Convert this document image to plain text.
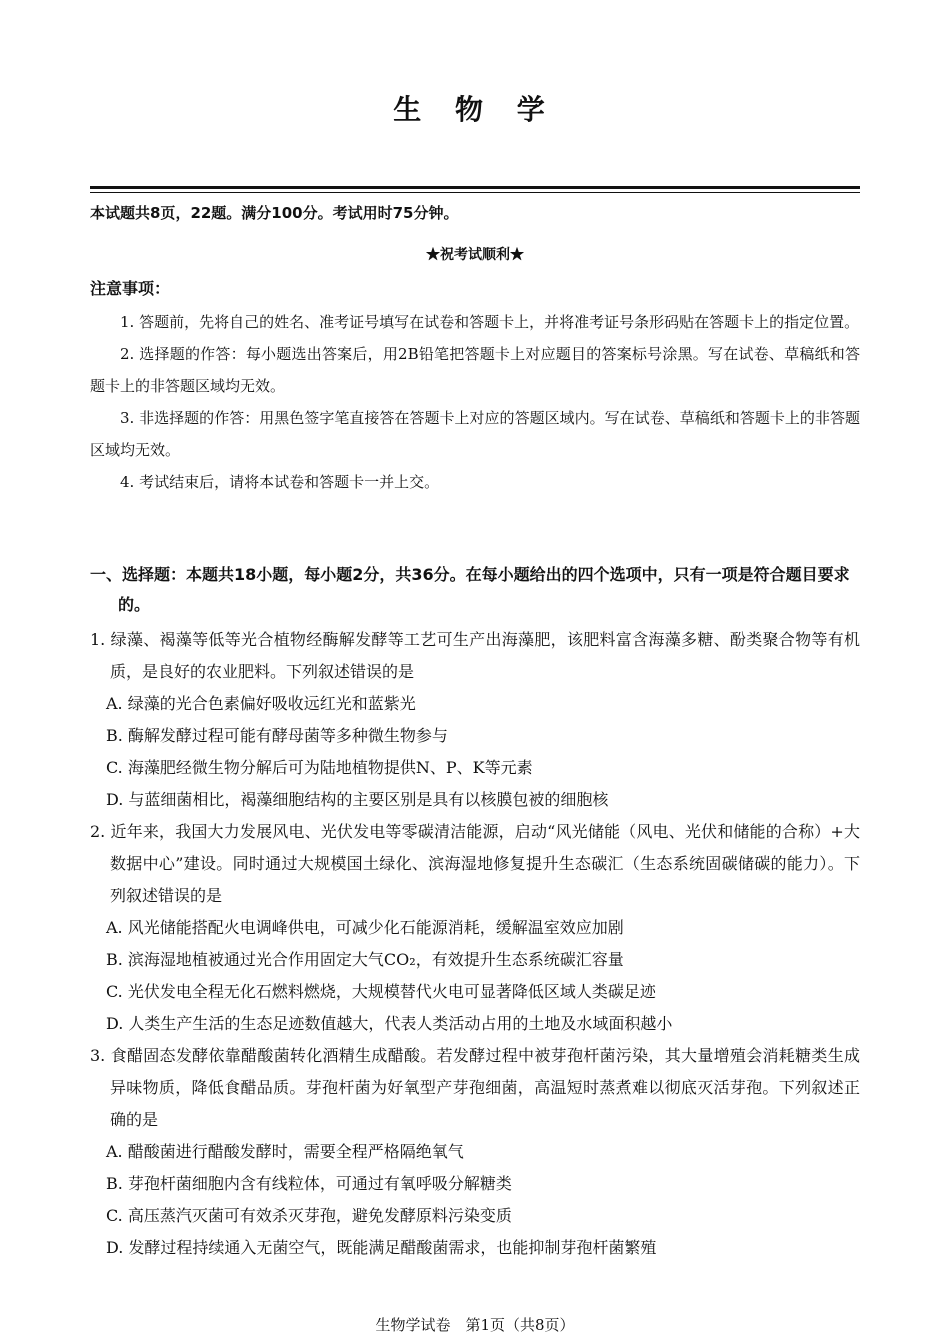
生 物 学
本试题共8页，22题。满分100分。考试用时75分钟。
★祝考试顺利★
注意事项：
1. 答题前，先将自己的姓名、准考证号填写在试卷和答题卡上，并将准考证号条形码贴在答题卡上的指定位置。
2. 选择题的作答：每小题选出答案后，用2B铅笔把答题卡上对应题目的答案标号涂黑。写在试卷、草稿纸和答题卡上的非答题区域均无效。
3. 非选择题的作答：用黑色签字笔直接答在答题卡上对应的答题区域内。写在试卷、草稿纸和答题卡上的非答题区域均无效。
4. 考试结束后，请将本试卷和答题卡一并上交。
一、选择题：本题共18小题，每小题2分，共36分。在每小题给出的四个选项中，只有一项是符合题目要求的。
1. 绿藻、褐藻等低等光合植物经酶解发酵等工艺可生产出海藻肥，该肥料富含海藻多糖、酚类聚合物等有机质，是良好的农业肥料。下列叙述错误的是
A. 绿藻的光合色素偏好吸收远红光和蓝紫光
B. 酶解发酵过程可能有酵母菌等多种微生物参与
C. 海藻肥经微生物分解后可为陆地植物提供N、P、K等元素
D. 与蓝细菌相比，褐藻细胞结构的主要区别是具有以核膜包被的细胞核
2. 近年来，我国大力发展风电、光伏发电等零碳清洁能源，启动“风光储能（风电、光伏和储能的合称）+大数据中心”建设。同时通过大规模国土绿化、滨海湿地修复提升生态碳汇（生态系统固碳储碳的能力）。下列叙述错误的是
A. 风光储能搭配火电调峰供电，可减少化石能源消耗，缓解温室效应加剧
B. 滨海湿地植被通过光合作用固定大气CO₂，有效提升生态系统碳汇容量
C. 光伏发电全程无化石燃料燃烧，大规模替代火电可显著降低区域人类碳足迹
D. 人类生产生活的生态足迹数值越大，代表人类活动占用的土地及水域面积越小
3. 食醋固态发酵依靠醋酸菌转化酒精生成醋酸。若发酵过程中被芽孢杆菌污染，其大量增殖会消耗糖类生成异味物质，降低食醋品质。芽孢杆菌为好氧型产芽孢细菌，高温短时蒸煮难以彻底灭活芽孢。下列叙述正确的是
A. 醋酸菌进行醋酸发酵时，需要全程严格隔绝氧气
B. 芽孢杆菌细胞内含有线粒体，可通过有氧呼吸分解糖类
C. 高压蒸汽灭菌可有效杀灭芽孢，避免发酵原料污染变质
D. 发酵过程持续通入无菌空气，既能满足醋酸菌需求，也能抑制芽孢杆菌繁殖
生物学试卷　第1页（共8页）
